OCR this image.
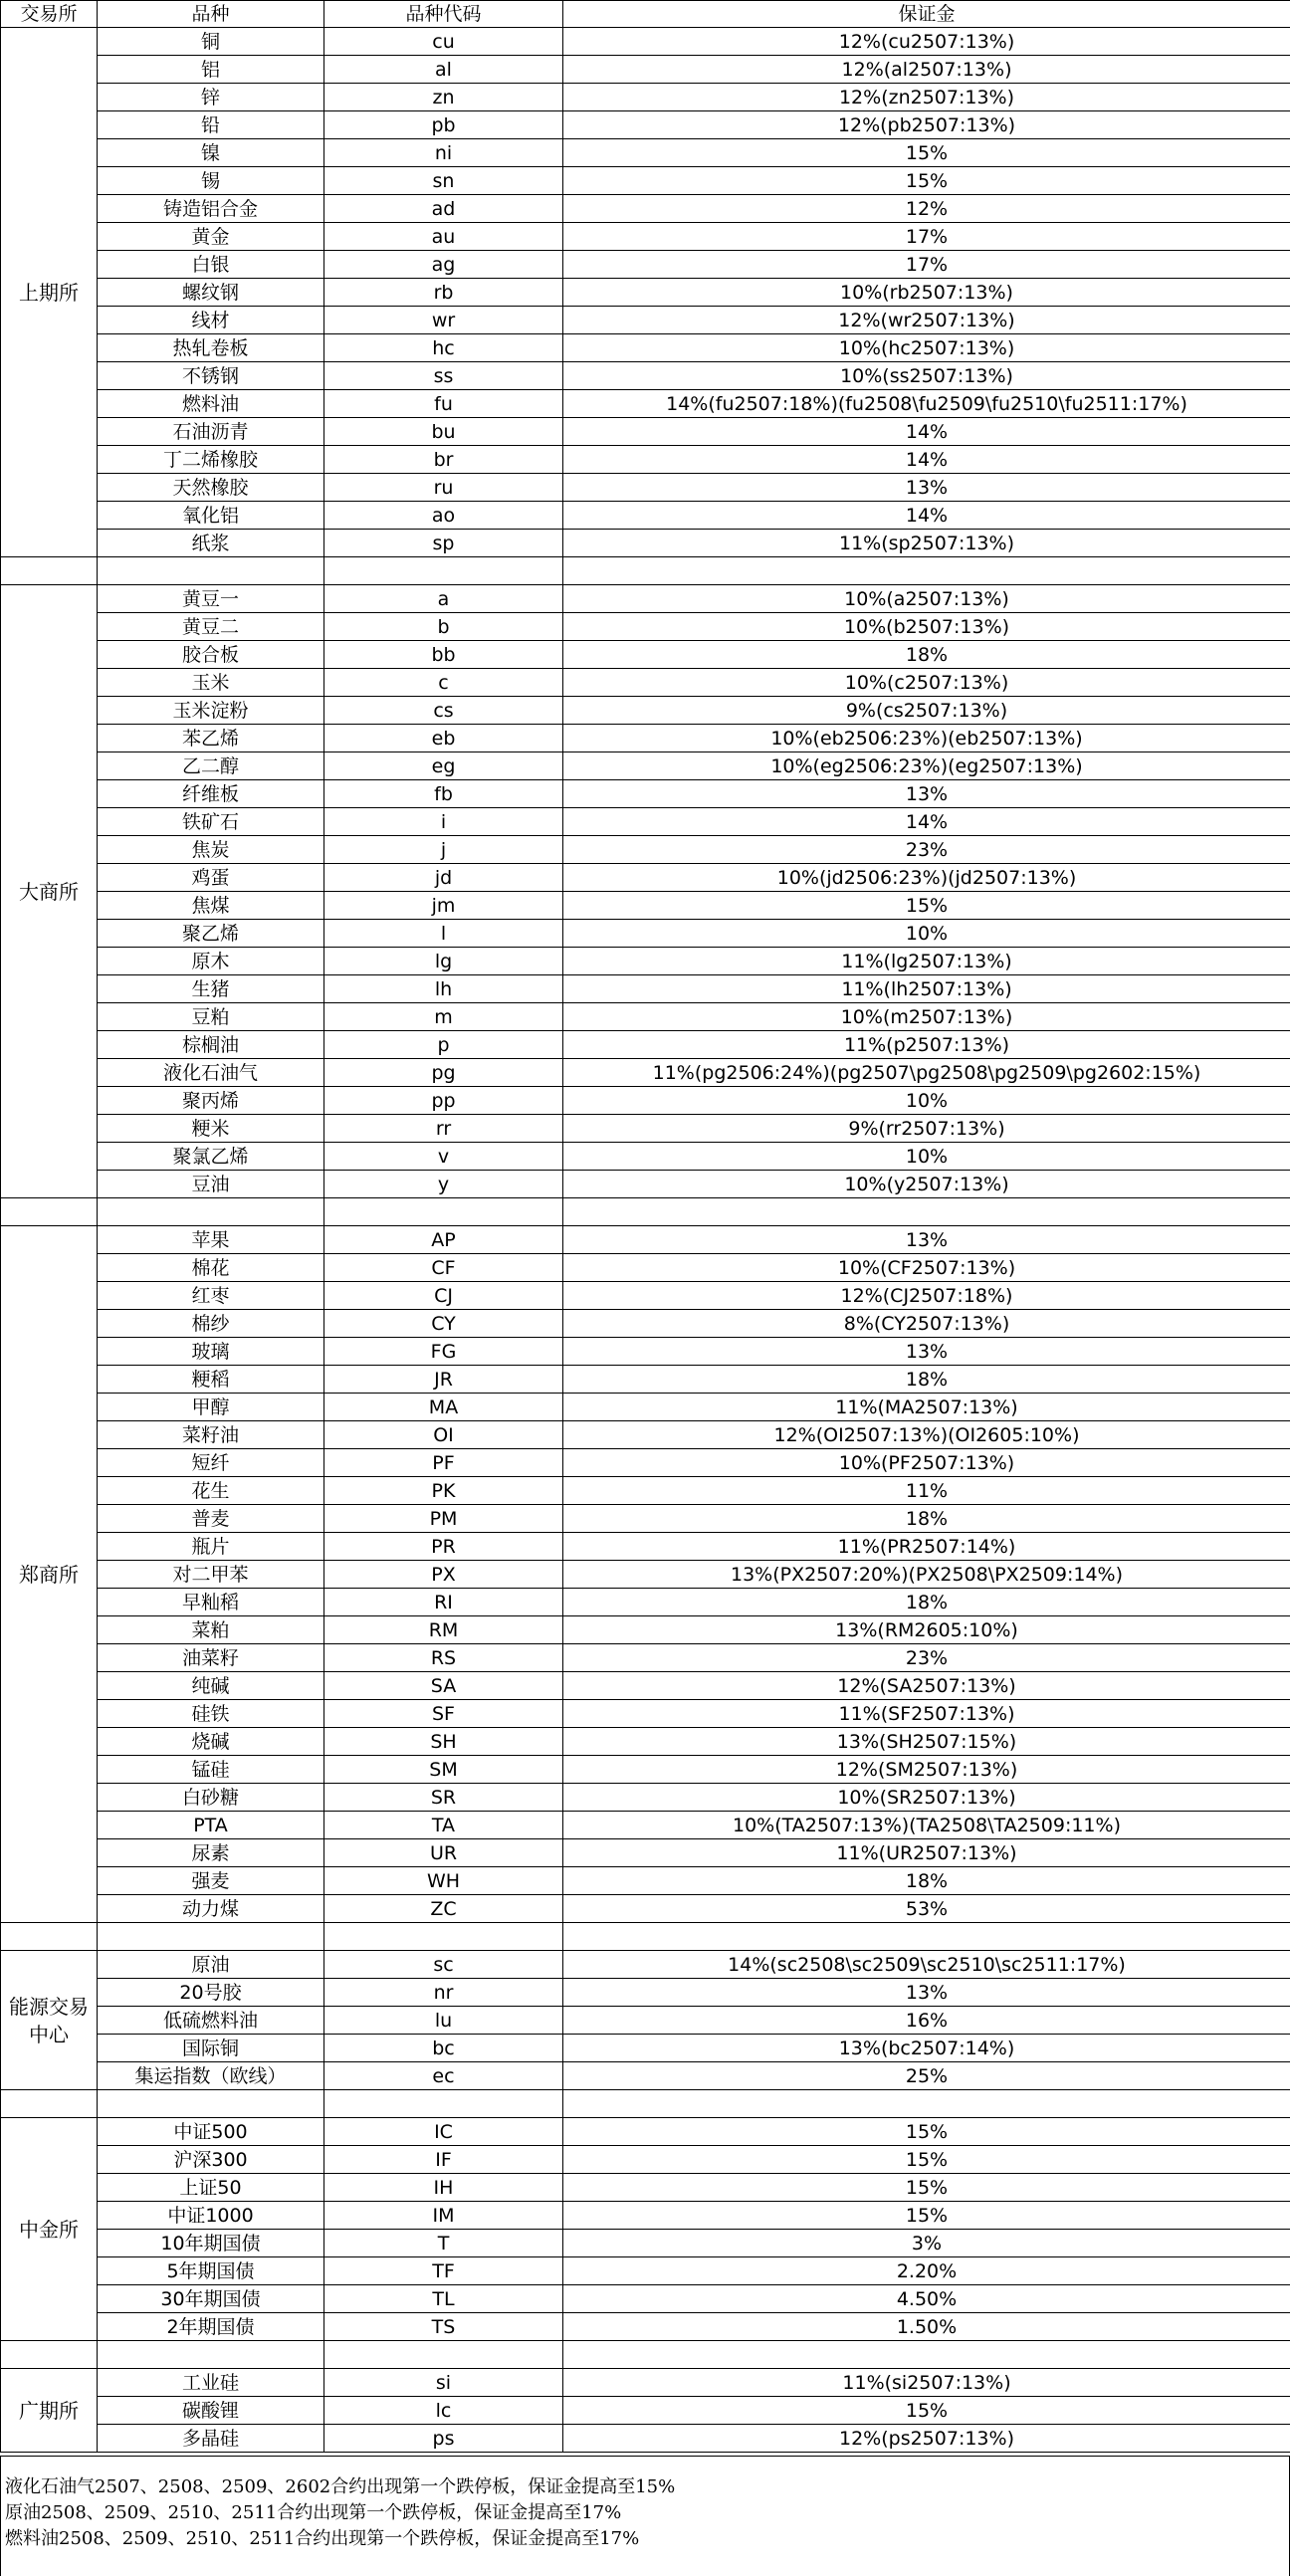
交易所	品种	品种代码	保证金
上期所	铜	cu	12%(cu2507:13%)
	铝	al	12%(al2507:13%)
	锌	zn	12%(zn2507:13%)
	铅	pb	12%(pb2507:13%)
	镍	ni	15%
	锡	sn	15%
	铸造铝合金	ad	12%
	黄金	au	17%
	白银	ag	17%
	螺纹钢	rb	10%(rb2507:13%)
	线材	wr	12%(wr2507:13%)
	热轧卷板	hc	10%(hc2507:13%)
	不锈钢	ss	10%(ss2507:13%)
	燃料油	fu	14%(fu2507:18%)(fu2508\fu2509\fu2510\fu2511:17%)
	石油沥青	bu	14%
	丁二烯橡胶	br	14%
	天然橡胶	ru	13%
	氧化铝	ao	14%
	纸浆	sp	11%(sp2507:13%)

大商所	黄豆一	a	10%(a2507:13%)
	黄豆二	b	10%(b2507:13%)
	胶合板	bb	18%
	玉米	c	10%(c2507:13%)
	玉米淀粉	cs	9%(cs2507:13%)
	苯乙烯	eb	10%(eb2506:23%)(eb2507:13%)
	乙二醇	eg	10%(eg2506:23%)(eg2507:13%)
	纤维板	fb	13%
	铁矿石	i	14%
	焦炭	j	23%
	鸡蛋	jd	10%(jd2506:23%)(jd2507:13%)
	焦煤	jm	15%
	聚乙烯	l	10%
	原木	lg	11%(lg2507:13%)
	生猪	lh	11%(lh2507:13%)
	豆粕	m	10%(m2507:13%)
	棕榈油	p	11%(p2507:13%)
	液化石油气	pg	11%(pg2506:24%)(pg2507\pg2508\pg2509\pg2602:15%)
	聚丙烯	pp	10%
	粳米	rr	9%(rr2507:13%)
	聚氯乙烯	v	10%
	豆油	y	10%(y2507:13%)

郑商所	苹果	AP	13%
	棉花	CF	10%(CF2507:13%)
	红枣	CJ	12%(CJ2507:18%)
	棉纱	CY	8%(CY2507:13%)
	玻璃	FG	13%
	粳稻	JR	18%
	甲醇	MA	11%(MA2507:13%)
	菜籽油	OI	12%(OI2507:13%)(OI2605:10%)
	短纤	PF	10%(PF2507:13%)
	花生	PK	11%
	普麦	PM	18%
	瓶片	PR	11%(PR2507:14%)
	对二甲苯	PX	13%(PX2507:20%)(PX2508\PX2509:14%)
	早籼稻	RI	18%
	菜粕	RM	13%(RM2605:10%)
	油菜籽	RS	23%
	纯碱	SA	12%(SA2507:13%)
	硅铁	SF	11%(SF2507:13%)
	烧碱	SH	13%(SH2507:15%)
	锰硅	SM	12%(SM2507:13%)
	白砂糖	SR	10%(SR2507:13%)
	PTA	TA	10%(TA2507:13%)(TA2508\TA2509:11%)
	尿素	UR	11%(UR2507:13%)
	强麦	WH	18%
	动力煤	ZC	53%

能源交易中心	原油	sc	14%(sc2508\sc2509\sc2510\sc2511:17%)
	20号胶	nr	13%
	低硫燃料油	lu	16%
	国际铜	bc	13%(bc2507:14%)
	集运指数（欧线）	ec	25%

中金所	中证500	IC	15%
	沪深300	IF	15%
	上证50	IH	15%
	中证1000	IM	15%
	10年期国债	T	3%
	5年期国债	TF	2.20%
	30年期国债	TL	4.50%
	2年期国债	TS	1.50%

广期所	工业硅	si	11%(si2507:13%)
	碳酸锂	lc	15%
	多晶硅	ps	12%(ps2507:13%)
液化石油气2507、2508、2509、2602合约出现第一个跌停板，保证金提高至15%
原油2508、2509、2510、2511合约出现第一个跌停板，保证金提高至17%
燃料油2508、2509、2510、2511合约出现第一个跌停板，保证金提高至17%
